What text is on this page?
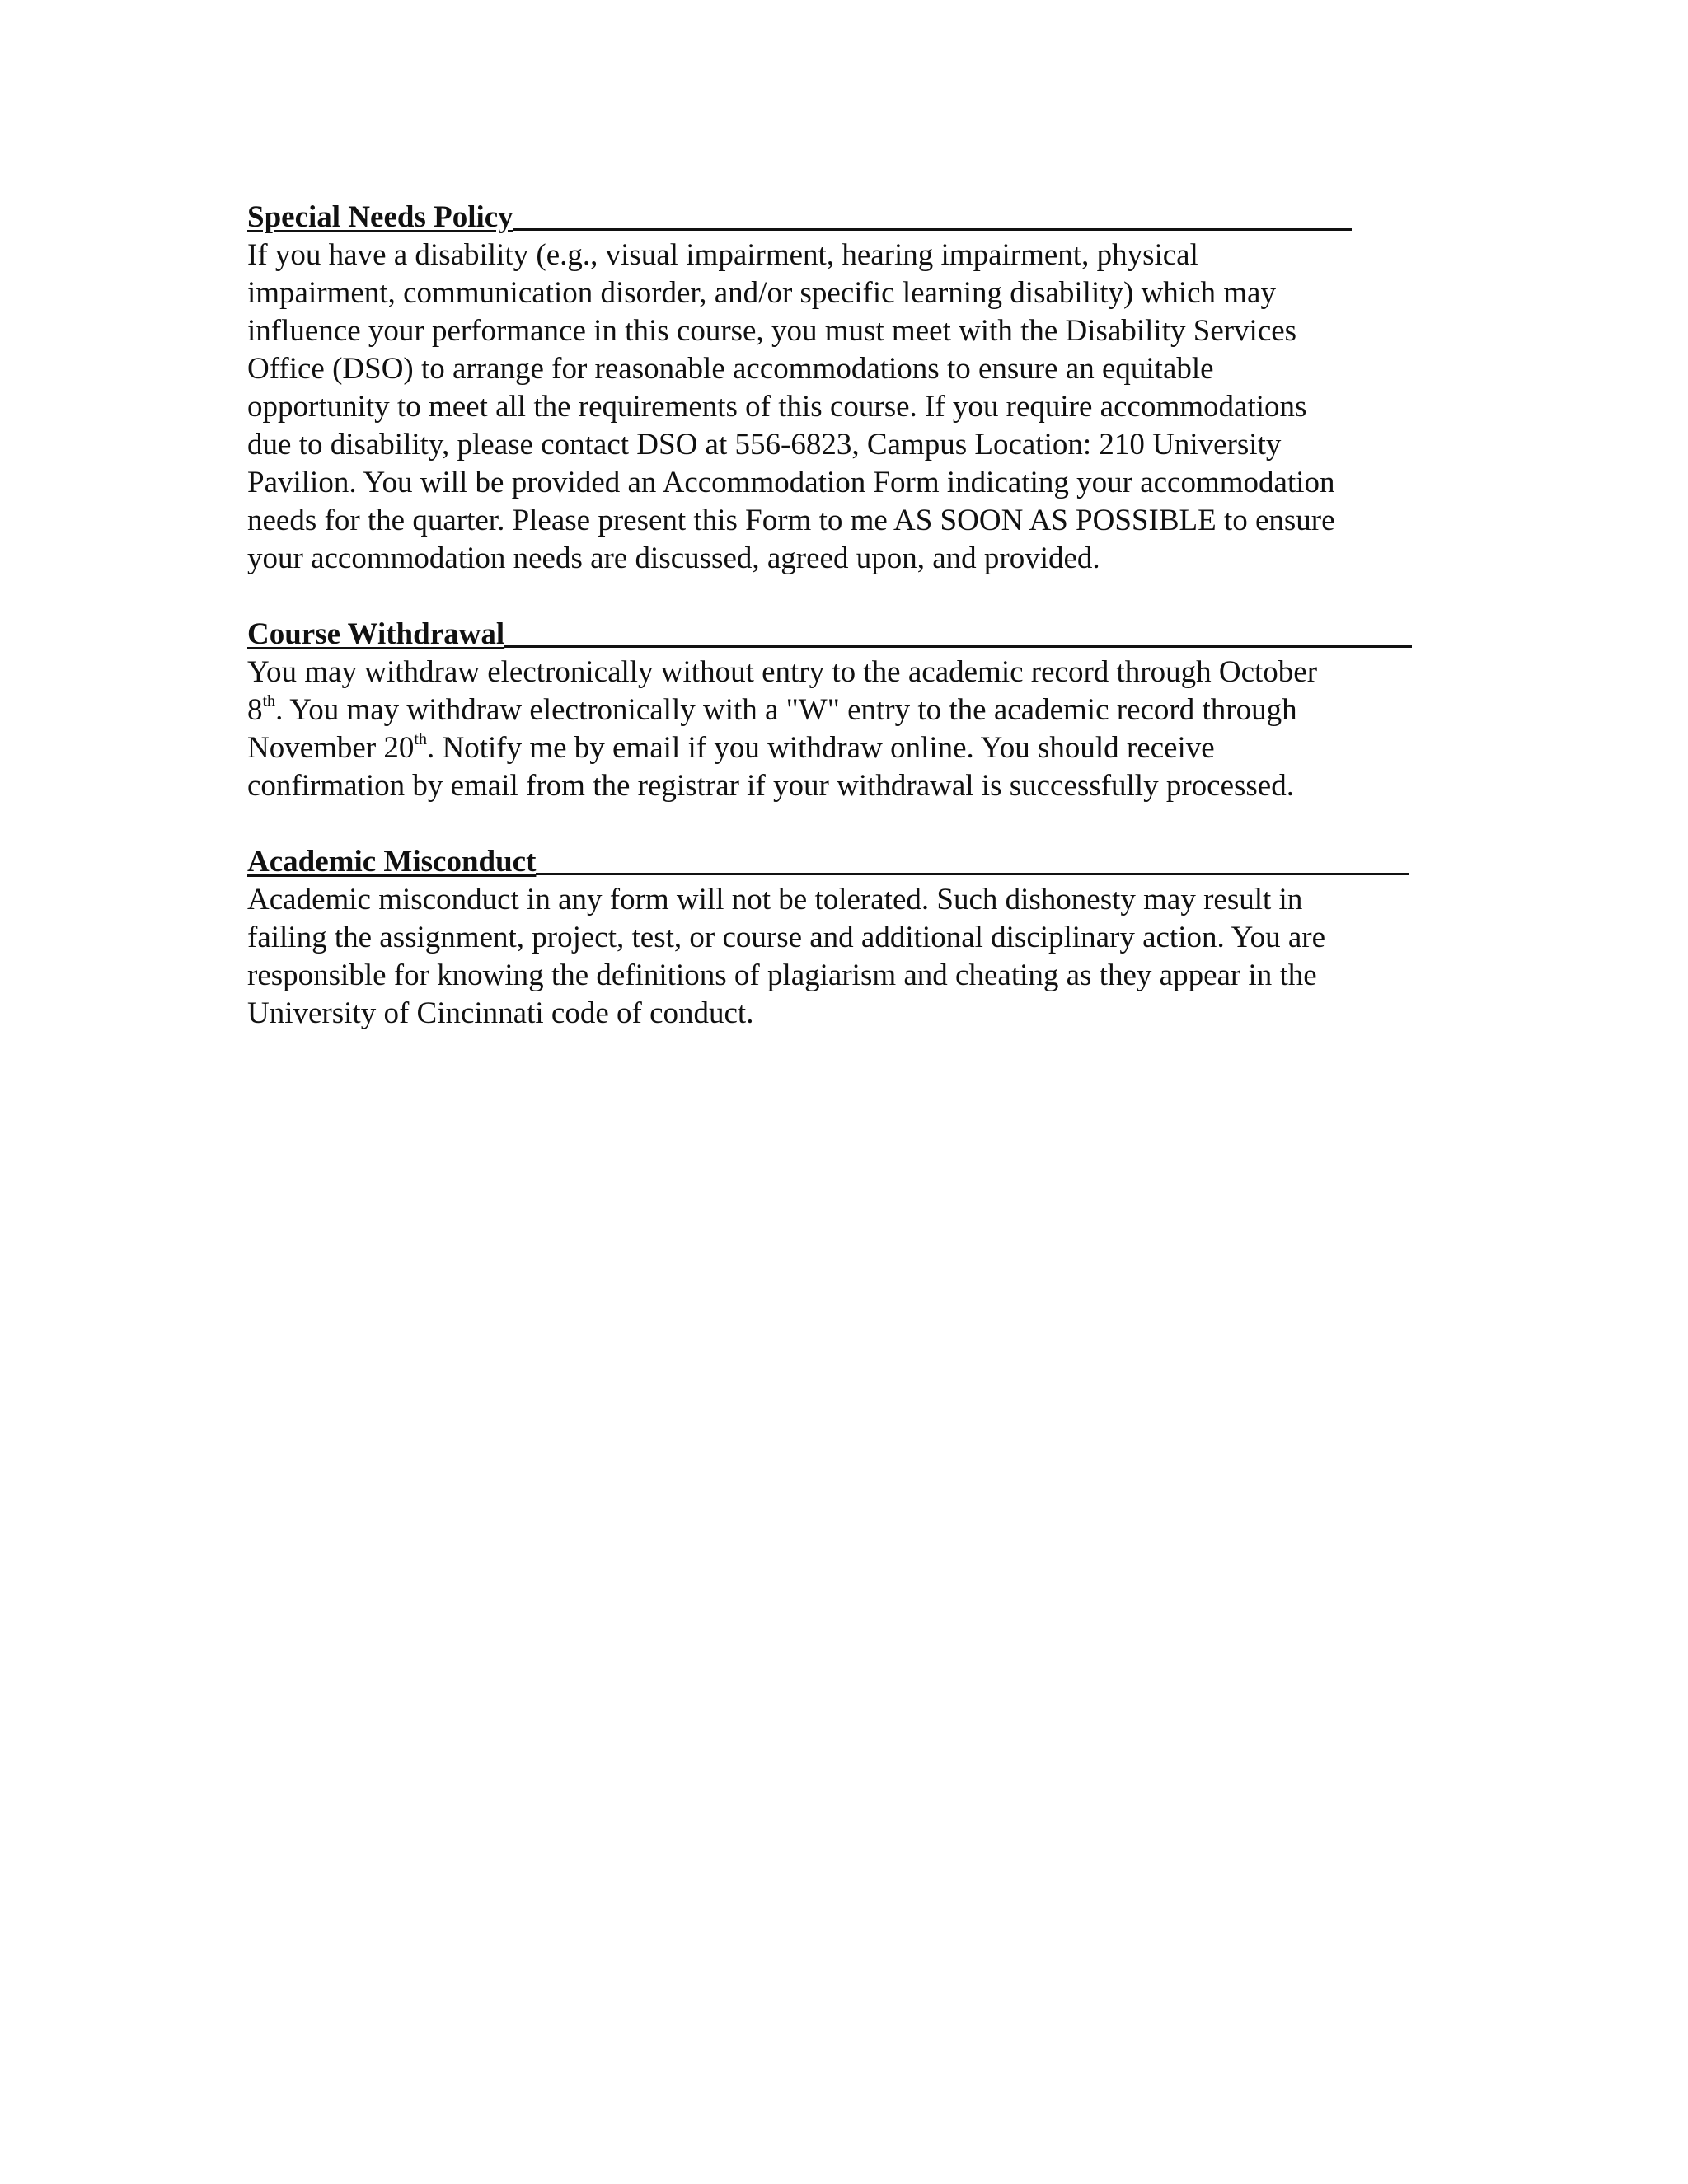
Special Needs Policy
If you have a disability (e.g., visual impairment, hearing impairment, physical
impairment, communication disorder, and/or specific learning disability) which may
influence your performance in this course, you must meet with the Disability Services
Office (DSO) to arrange for reasonable accommodations to ensure an equitable
opportunity to meet all the requirements of this course. If you require accommodations
due to disability, please contact DSO at 556-6823, Campus Location: 210 University
Pavilion. You will be provided an Accommodation Form indicating your accommodation
needs for the quarter. Please present this Form to me AS SOON AS POSSIBLE to ensure
your accommodation needs are discussed, agreed upon, and provided.
Course Withdrawal
You may withdraw electronically without entry to the academic record through October
8th. You may withdraw electronically with a "W" entry to the academic record through
November 20th. Notify me by email if you withdraw online. You should receive
confirmation by email from the registrar if your withdrawal is successfully processed.
Academic Misconduct
Academic misconduct in any form will not be tolerated. Such dishonesty may result in
failing the assignment, project, test, or course and additional disciplinary action. You are
responsible for knowing the definitions of plagiarism and cheating as they appear in the
University of Cincinnati code of conduct.
